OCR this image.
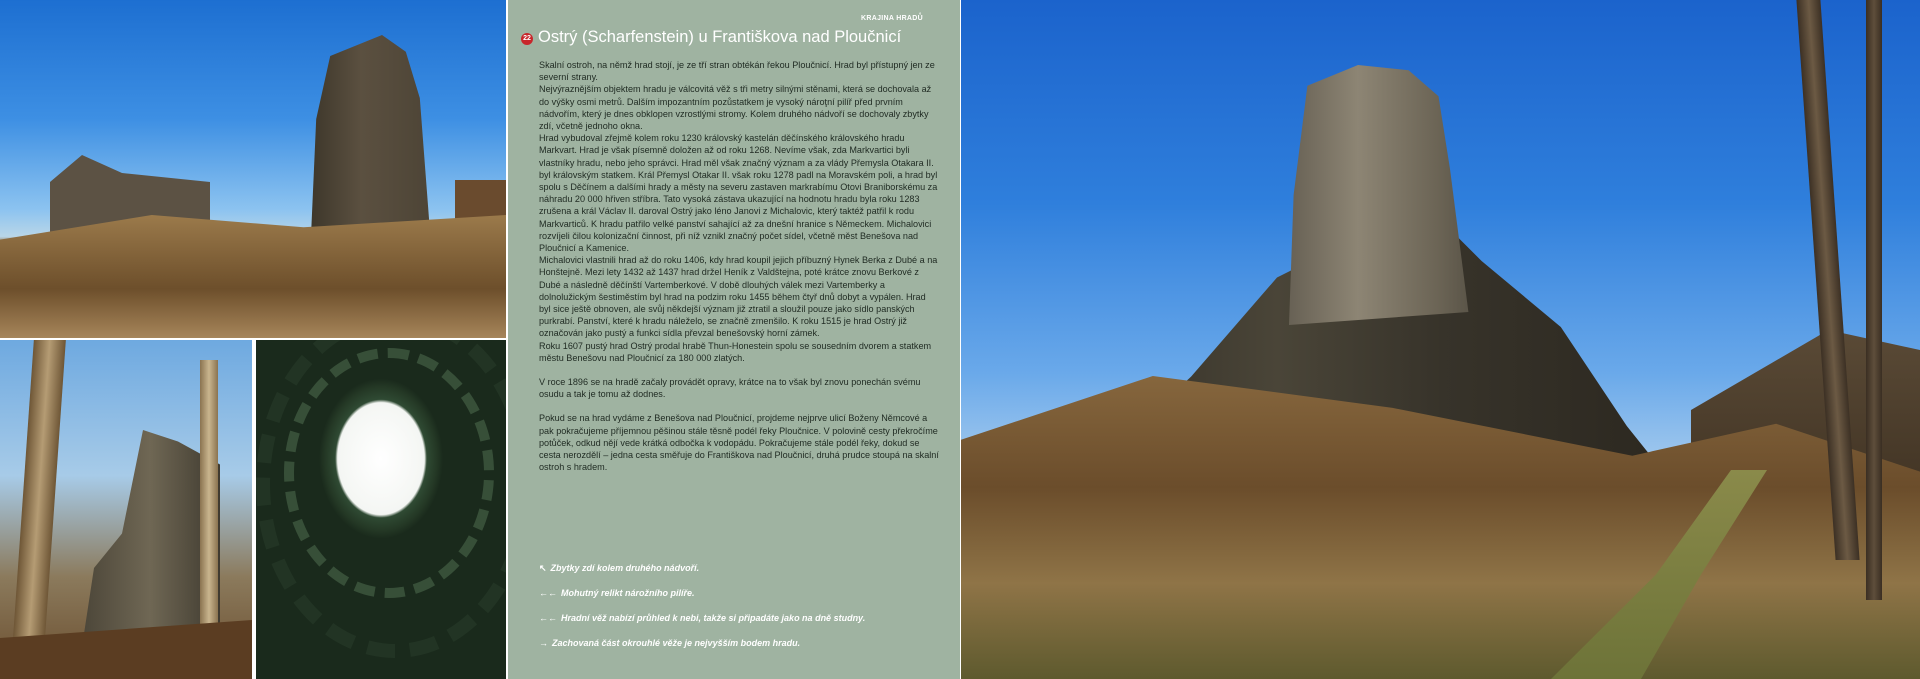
KRAJINA HRADŮ
22 Ostrý (Scharfenstein) u Františkova nad Ploučnicí

Skalní ostroh, na němž hrad stojí, je ze tří stran obtékán řekou Ploučnicí. Hrad byl přístupný jen ze severní strany.

Nejvýraznějším objektem hradu je válcovitá věž s tři metry silnými stěnami, která se dochovala až do výšky osmi metrů. Dalším impozantním pozůstatkem je vysoký nároţní pilíř před prvním nádvořím, který je dnes obklopen vzrostlými stromy. Kolem druhého nádvoří se dochovaly zbytky zdí, včetně jednoho okna.

Hrad vybudoval zřejmě kolem roku 1230 královský kastelán děčínského královského hradu Markvart. Hrad je však písemně doložen až od roku 1268. Nevíme však, zda Markvartici byli vlastníky hradu, nebo jeho správci. Hrad měl však značný význam a za vlády Přemysla Otakara II. byl královským statkem. Král Přemysl Otakar II. však roku 1278 padl na Moravském poli, a hrad byl spolu s Děčínem a dalšími hrady a městy na severu zastaven markrabímu Otovi Braniborskému za náhradu 20 000 hřiven stříbra. Tato vysoká zástava ukazující na hodnotu hradu byla roku 1283 zrušena a král Václav II. daroval Ostrý jako léno Janovi z Michalovic, který taktéž patřil k rodu Markvarticů. K hradu patřilo velké panství sahající až za dnešní hranice s Německem. Michalovici rozvíjeli čilou kolonizační činnost, při níž vznikl značný počet sídel, včetně měst Benešova nad Ploučnicí a Kamenice.

Michalovici vlastnili hrad až do roku 1406, kdy hrad koupil jejich příbuzný Hynek Berka z Dubé a na Honštejně. Mezi lety 1432 až 1437 hrad držel Heník z Valdštejna, poté krátce znovu Berkové z Dubé a následně děčínští Vartemberkové. V době dlouhých válek mezi Vartemberky a dolnolužickým šestiměstím byl hrad na podzim roku 1455 během čtyř dnů dobyt a vypálen. Hrad byl sice ještě obnoven, ale svůj někdejší význam již ztratil a sloužil pouze jako sídlo panských purkrabí. Panství, které k hradu náleželo, se značně zmenšilo. K roku 1515 je hrad Ostrý již označován jako pustý a funkci sídla převzal benešovský horní zámek.

Roku 1607 pustý hrad Ostrý prodal hrabě Thun-Honestein spolu se sousedním dvorem a statkem městu Benešovu nad Ploučnicí za 180 000 zlatých.

V roce 1896 se na hradě začaly provádět opravy, krátce na to však byl znovu ponechán svému osudu a tak je tomu až dodnes.

Pokud se na hrad vydáme z Benešova nad Ploučnicí, projdeme nejprve ulicí Boženy Němcové a pak pokračujeme příjemnou pěšinou stále těsně podél řeky Ploučnice. V polovině cesty překročíme potůček, odkud nějí vede krátká odbočka k vodopádu. Pokračujeme stále podél řeky, dokud se cesta nerozdělí – jedna cesta směřuje do Františkova nad Ploučnicí, druhá prudce stoupá na skalní ostroh s hradem.

↖ Zbytky zdí kolem druhého nádvoří.
←← Mohutný relikt nárožního pilíře.
←← Hradní věž nabízí průhled k nebi, takže si připadáte jako na dně studny.
→ Zachovaná část okrouhlé věže je nejvyšším bodem hradu.
